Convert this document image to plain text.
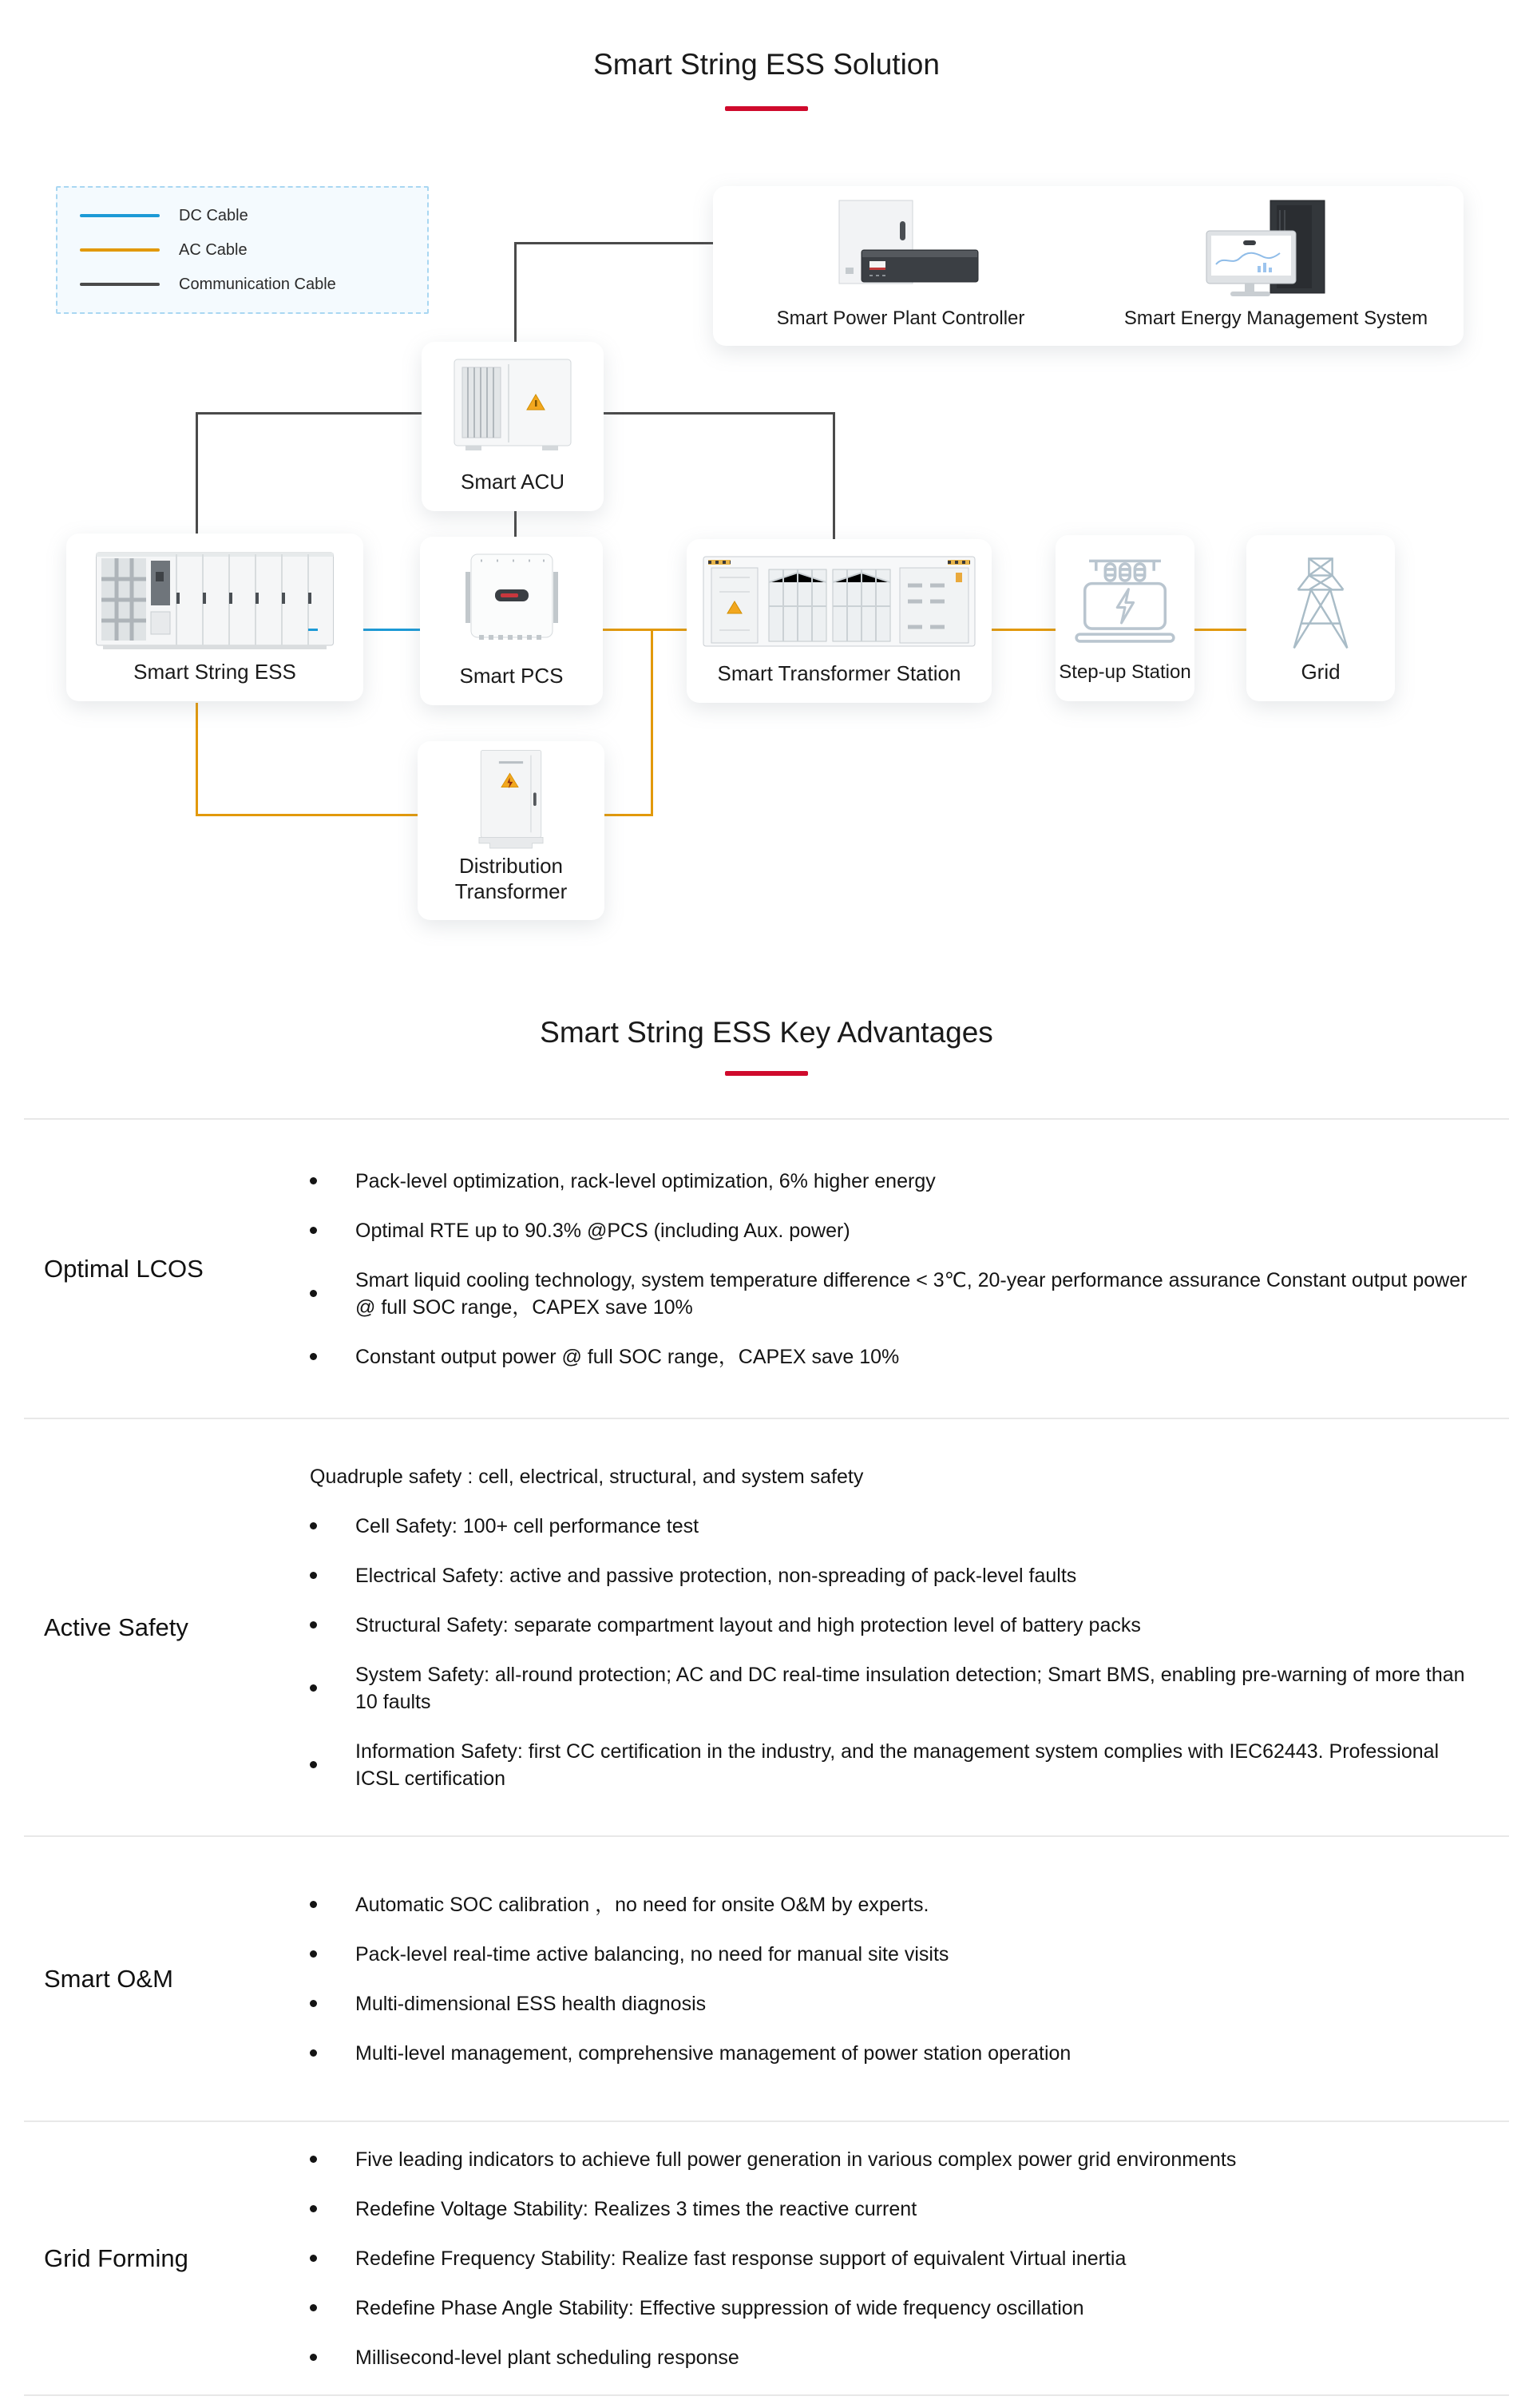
Smart String ESS Solution
DC Cable
AC Cable
Communication Cable
Smart Power Plant Controller	Smart Energy Management System
Smart ACU
Smart String ESS	Smart PCS	Smart Transformer Station	Step-up Station	Grid
Distribution Transformer
Smart String ESS Key Advantages
Optimal LCOS
Pack-level optimization, rack-level optimization, 6% higher energy
Optimal RTE up to 90.3% @PCS (including Aux. power)
Smart liquid cooling technology, system temperature difference < 3℃, 20-year performance assurance Constant output power @ full SOC range，CAPEX save 10%
Constant output power @ full SOC range，CAPEX save 10%
Active Safety

Quadruple safety : cell, electrical, structural, and system safety

Cell Safety: 100+ cell performance test
Electrical Safety: active and passive protection, non-spreading of pack-level faults
Structural Safety: separate compartment layout and high protection level of battery packs
System Safety: all-round protection; AC and DC real-time insulation detection; Smart BMS, enabling pre-warning of more than 10 faults
Information Safety: first CC certification in the industry, and the management system complies with IEC62443. Professional ICSL certification
Smart O&M
Automatic SOC calibration ，no need for onsite O&M by experts.
Pack-level real-time active balancing, no need for manual site visits
Multi-dimensional ESS health diagnosis
Multi-level management, comprehensive management of power station operation
Grid Forming
Five leading indicators to achieve full power generation in various complex power grid environments
Redefine Voltage Stability: Realizes 3 times the reactive current
Redefine Frequency Stability: Realize fast response support of equivalent Virtual inertia
Redefine Phase Angle Stability: Effective suppression of wide frequency oscillation
Millisecond-level plant scheduling response
